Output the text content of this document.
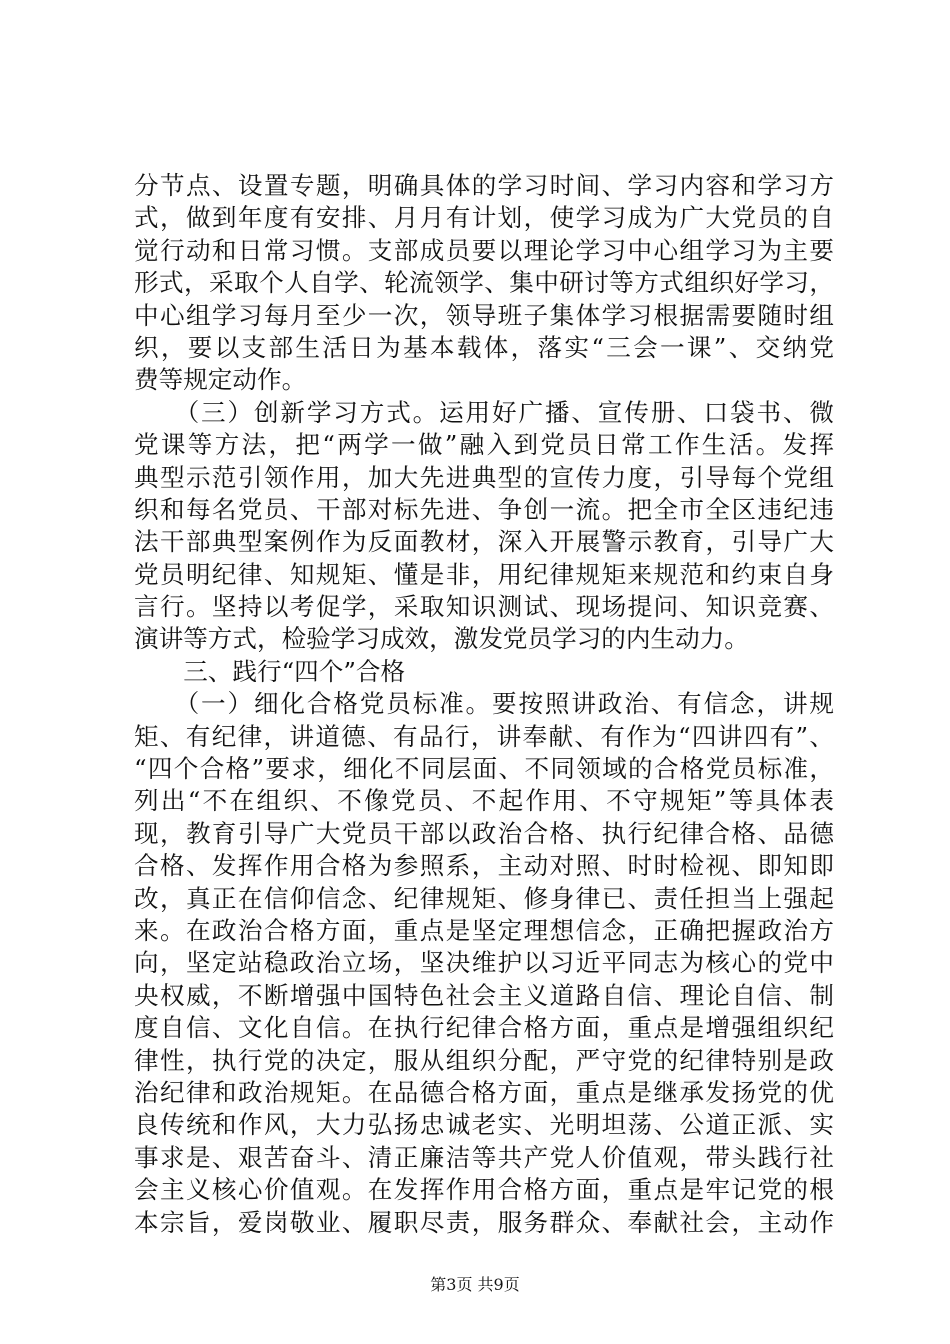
分节点、设置专题，明确具体的学习时间、学习内容和学习方
式，做到年度有安排、月月有计划，使学习成为广大党员的自
觉行动和日常习惯。支部成员要以理论学习中心组学习为主要
形式，采取个人自学、轮流领学、集中研讨等方式组织好学习，
中心组学习每月至少一次，领导班子集体学习根据需要随时组
织，要以支部生活日为基本载体，落实“三会一课”、交纳党
费等规定动作。
　　（三）创新学习方式。运用好广播、宣传册、口袋书、微
党课等方法，把“两学一做”融入到党员日常工作生活。发挥
典型示范引领作用，加大先进典型的宣传力度，引导每个党组
织和每名党员、干部对标先进、争创一流。把全市全区违纪违
法干部典型案例作为反面教材，深入开展警示教育，引导广大
党员明纪律、知规矩、懂是非，用纪律规矩来规范和约束自身
言行。坚持以考促学，采取知识测试、现场提问、知识竞赛、
演讲等方式，检验学习成效，激发党员学习的内生动力。
　　三、践行“四个”合格
　　（一）细化合格党员标准。要按照讲政治、有信念，讲规
矩、有纪律，讲道德、有品行，讲奉献、有作为“四讲四有”、
“四个合格”要求，细化不同层面、不同领域的合格党员标准，
列出“不在组织、不像党员、不起作用、不守规矩”等具体表
现，教育引导广大党员干部以政治合格、执行纪律合格、品德
合格、发挥作用合格为参照系，主动对照、时时检视、即知即
改，真正在信仰信念、纪律规矩、修身律已、责任担当上强起
来。在政治合格方面，重点是坚定理想信念，正确把握政治方
向，坚定站稳政治立场，坚决维护以习近平同志为核心的党中
央权威，不断增强中国特色社会主义道路自信、理论自信、制
度自信、文化自信。在执行纪律合格方面，重点是增强组织纪
律性，执行党的决定，服从组织分配，严守党的纪律特别是政
治纪律和政治规矩。在品德合格方面，重点是继承发扬党的优
良传统和作风，大力弘扬忠诚老实、光明坦荡、公道正派、实
事求是、艰苦奋斗、清正廉洁等共产党人价值观，带头践行社
会主义核心价值观。在发挥作用合格方面，重点是牢记党的根
本宗旨，爱岗敬业、履职尽责，服务群众、奉献社会，主动作
第3页 共9页
